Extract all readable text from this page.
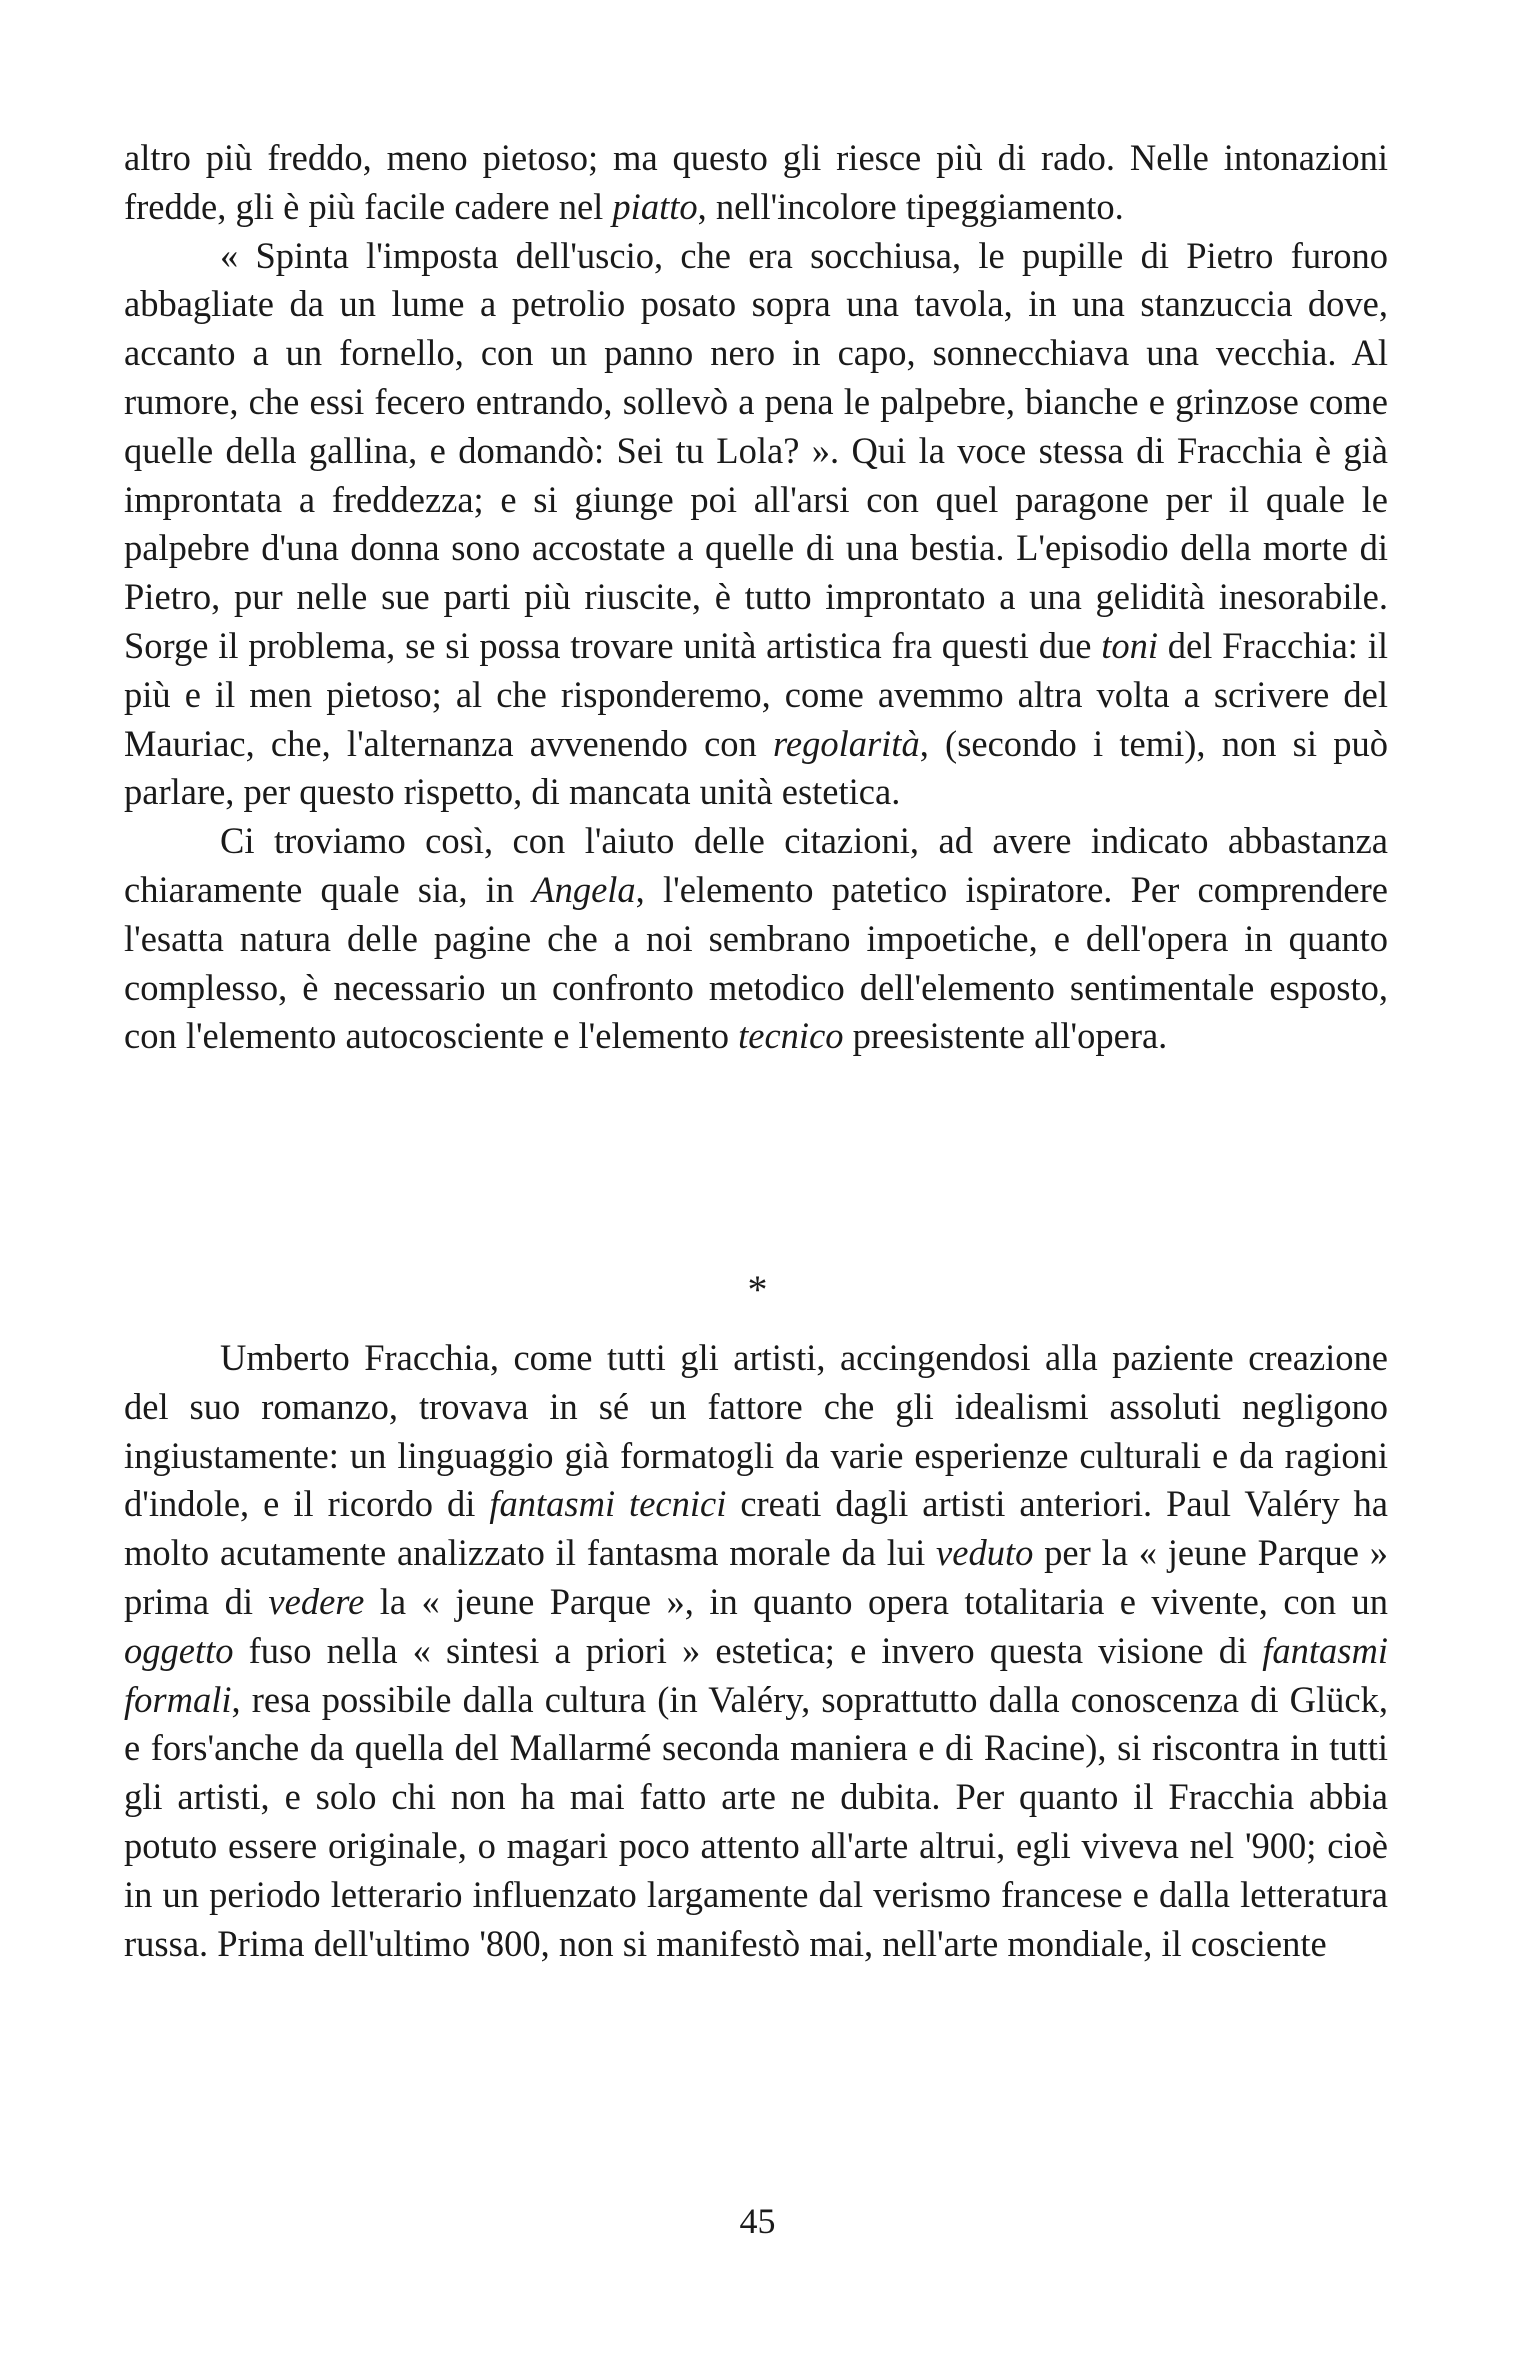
altro più freddo, meno pietoso; ma questo gli riesce più di rado. Nelle intonazioni fredde, gli è più facile cadere nel piatto, nell'incolore tipeggiamento.

« Spinta l'imposta dell'uscio, che era socchiusa, le pupille di Pietro furono abbagliate da un lume a petrolio posato sopra una tavola, in una stanzuccia dove, accanto a un fornello, con un panno nero in capo, sonnecchiava una vecchia. Al rumore, che essi fecero entrando, sollevò a pena le palpebre, bianche e grinzose come quelle della gallina, e domandò: Sei tu Lola? ». Qui la voce stessa di Fracchia è già improntata a freddezza; e si giunge poi all'arsi con quel paragone per il quale le palpebre d'una donna sono accostate a quelle di una bestia. L'episodio della morte di Pietro, pur nelle sue parti più riuscite, è tutto improntato a una gelidità inesorabile. Sorge il problema, se si possa trovare unità artistica fra questi due toni del Fracchia: il più e il men pietoso; al che risponderemo, come avemmo altra volta a scrivere del Mauriac, che, l'alternanza avvenendo con regolarità, (secondo i temi), non si può parlare, per questo rispetto, di mancata unità estetica.

Ci troviamo così, con l'aiuto delle citazioni, ad avere indicato abbastanza chiaramente quale sia, in Angela, l'elemento patetico ispiratore. Per comprendere l'esatta natura delle pagine che a noi sembrano impoetiche, e dell'opera in quanto complesso, è necessario un confronto metodico dell'elemento sentimentale esposto, con l'elemento autocosciente e l'elemento tecnico preesistente all'opera.

*

Umberto Fracchia, come tutti gli artisti, accingendosi alla paziente creazione del suo romanzo, trovava in sé un fattore che gli idealismi assoluti negligono ingiustamente: un linguaggio già formatogli da varie esperienze culturali e da ragioni d'indole, e il ricordo di fantasmi tecnici creati dagli artisti anteriori. Paul Valéry ha molto acutamente analizzato il fantasma morale da lui veduto per la « jeune Parque » prima di vedere la « jeune Parque », in quanto opera totalitaria e vivente, con un oggetto fuso nella « sintesi a priori » estetica; e invero questa visione di fantasmi formali, resa possibile dalla cultura (in Valéry, soprattutto dalla conoscenza di Glück, e fors'anche da quella del Mallarmé seconda maniera e di Racine), si riscontra in tutti gli artisti, e solo chi non ha mai fatto arte ne dubita. Per quanto il Fracchia abbia potuto essere originale, o magari poco attento all'arte altrui, egli viveva nel '900; cioè in un periodo letterario influenzato largamente dal verismo francese e dalla letteratura russa. Prima dell'ultimo '800, non si manifestò mai, nell'arte mondiale, il cosciente

45
